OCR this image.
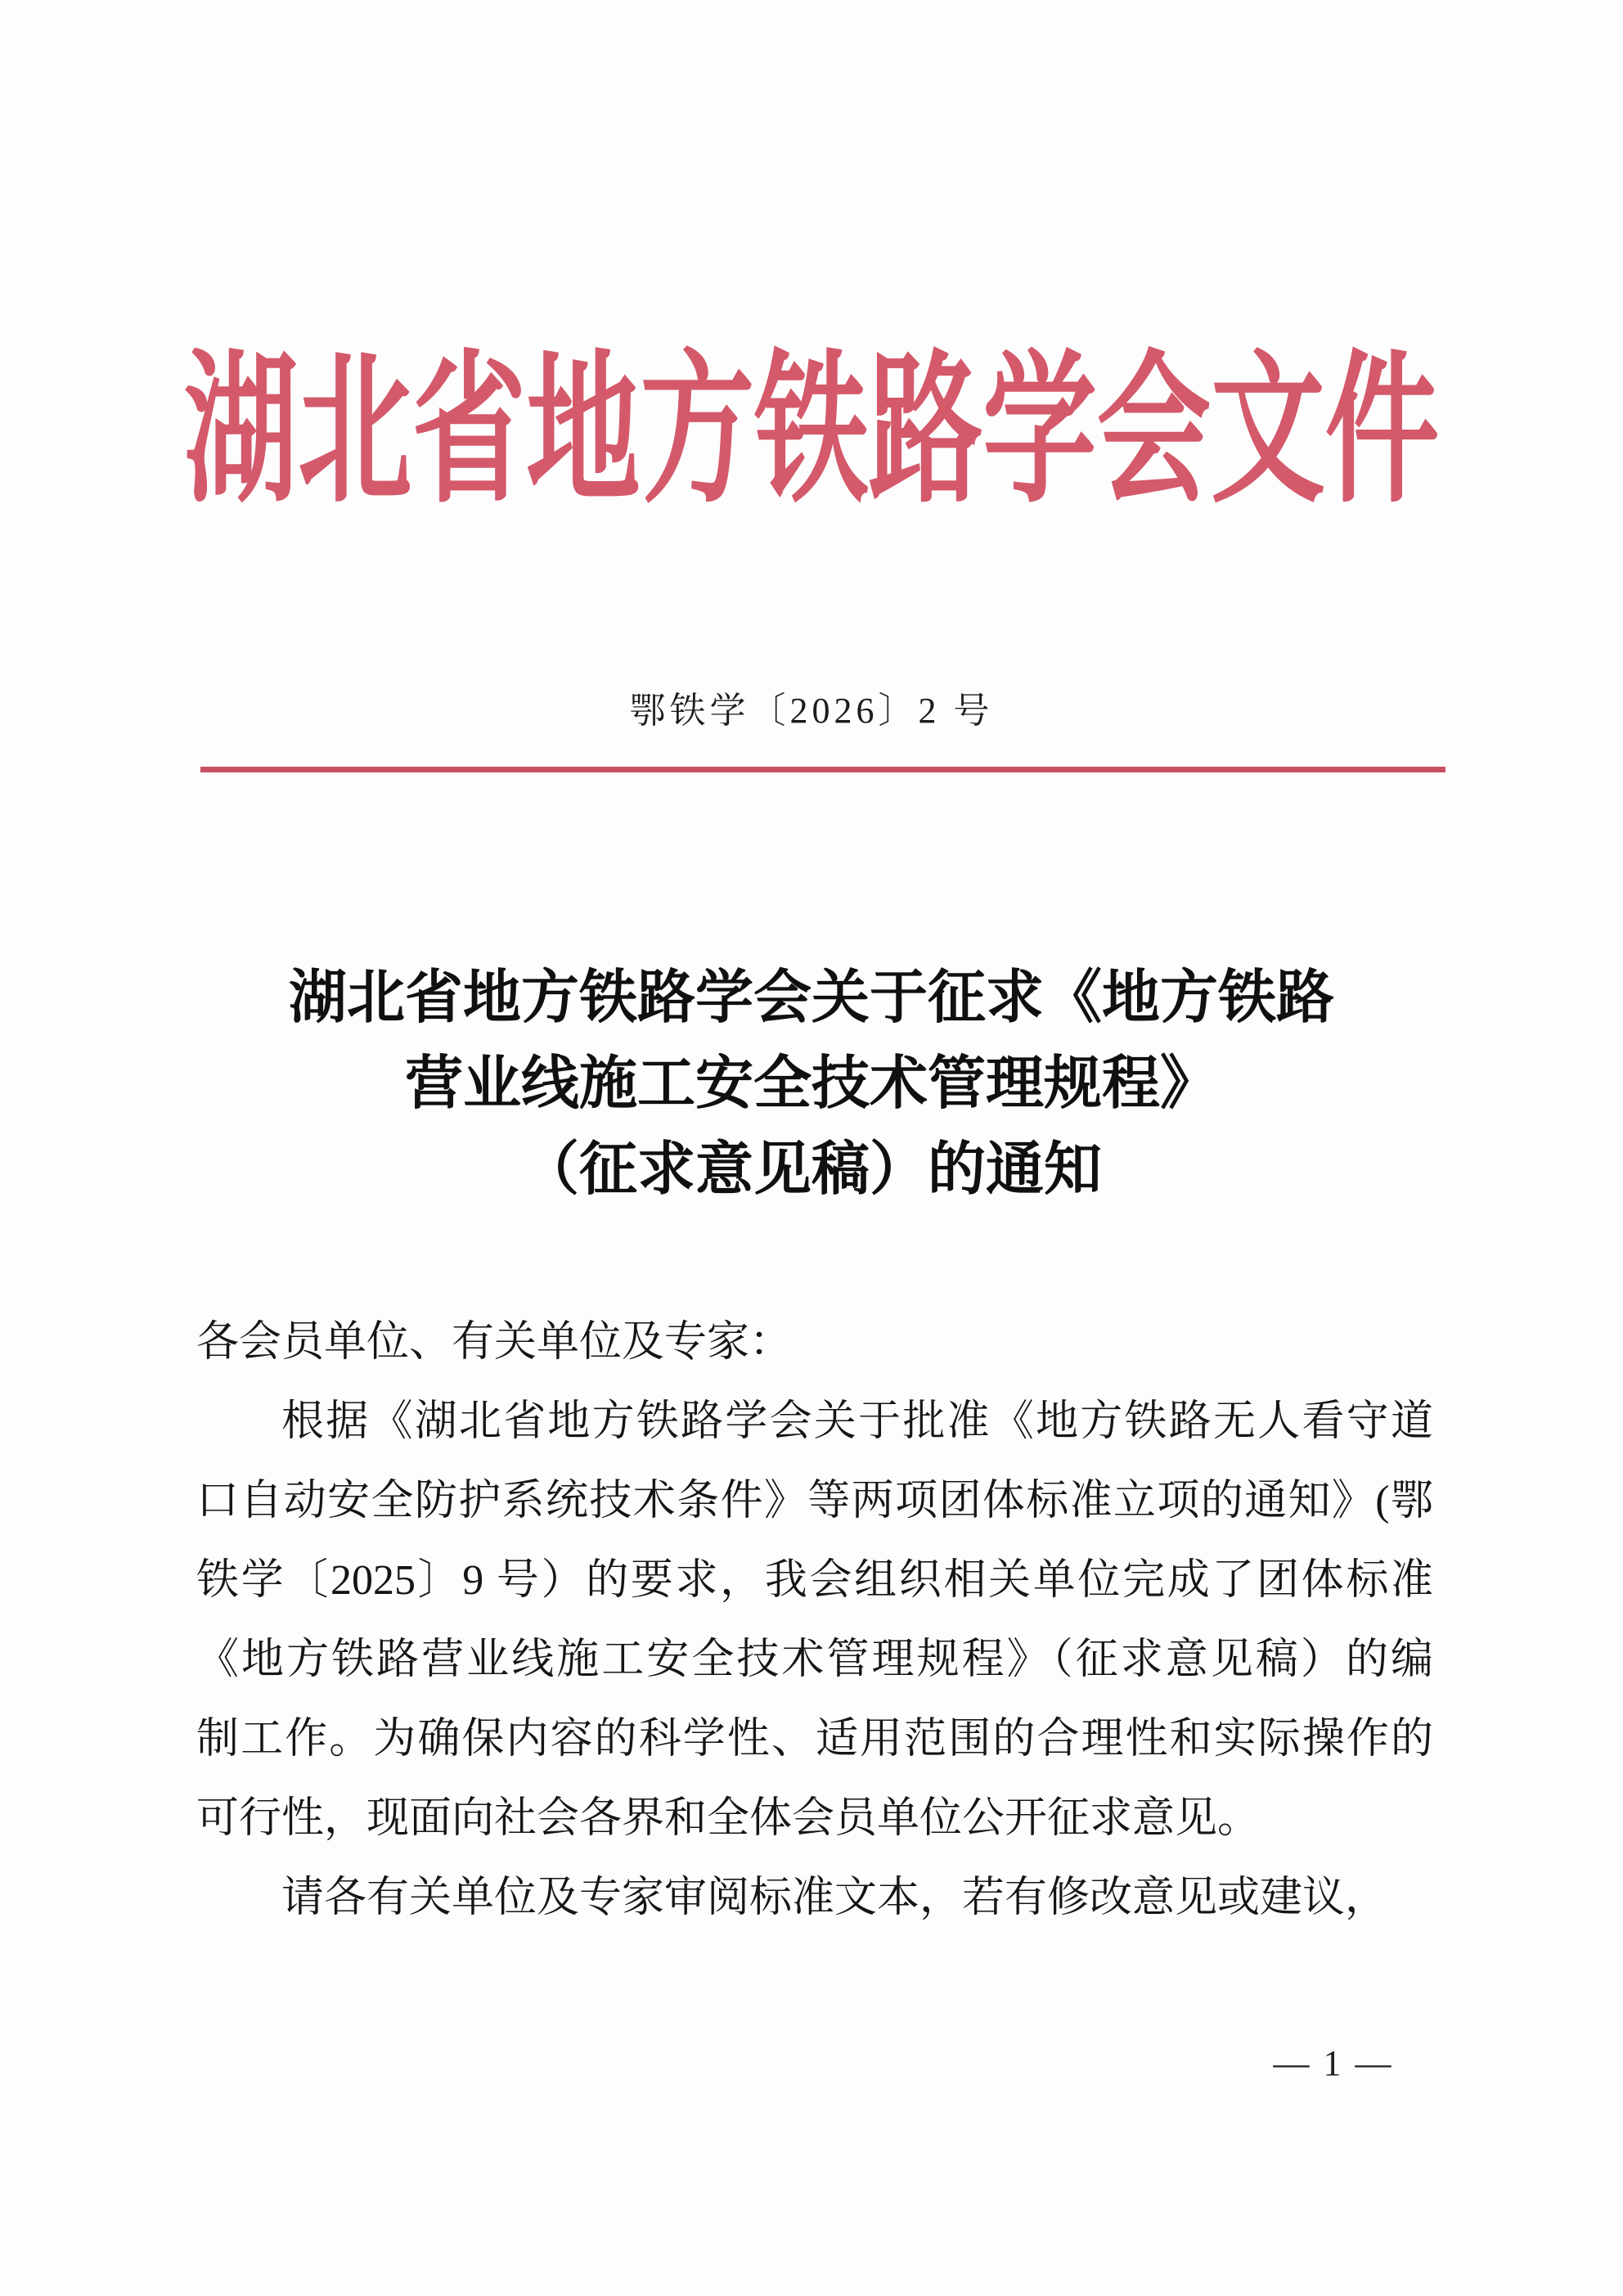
湖北省地方铁路学会文件
鄂铁学〔2026〕2 号
湖北省地方铁路学会关于征求《地方铁路
营业线施工安全技术管理规程》
（征求意见稿）的通知
各会员单位、有关单位及专家：
根据《湖北省地方铁路学会关于批准《地方铁路无人看守道
口自动安全防护系统技术条件》等两项团体标准立项的通知》(鄂
铁学〔2025〕9 号）的要求，我会组织相关单位完成了团体标准
《地方铁路营业线施工安全技术管理规程》（征求意见稿）的编
制工作。为确保内容的科学性、适用范围的合理性和实际操作的
可行性，现面向社会各界和全体会员单位公开征求意见。
请各有关单位及专家审阅标准文本，若有修改意见或建议，
— 1 —
